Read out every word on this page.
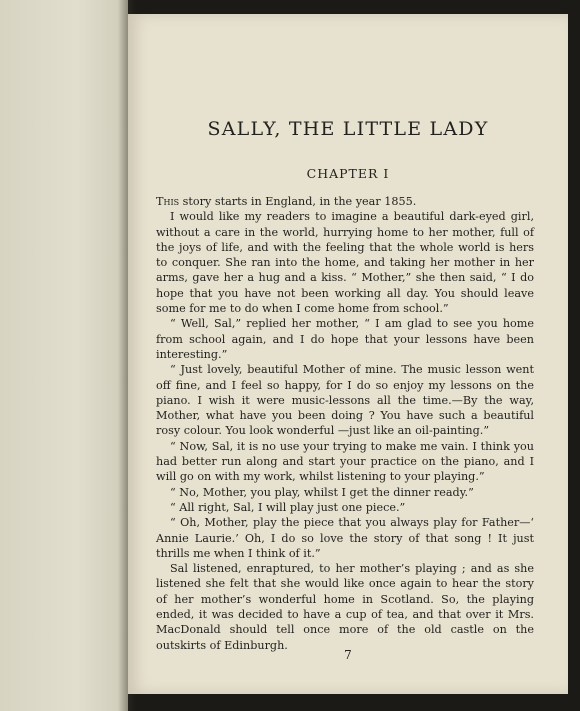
SALLY, THE LITTLE LADY
CHAPTER I

This story starts in England, in the year 1855.

I would like my readers to imagine a beautiful dark-eyed girl, without a care in the world, hurrying home to her mother, full of the joys of life, and with the feeling that the whole world is hers to conquer. She ran into the home, and taking her mother in her arms, gave her a hug and a kiss. “ Mother,” she then said, “ I do hope that you have not been working all day. You should leave some for me to do when I come home from school.”

“ Well, Sal,” replied her mother, “ I am glad to see you home from school again, and I do hope that your lessons have been interesting.”

“ Just lovely, beautiful Mother of mine. The music lesson went off fine, and I feel so happy, for I do so enjoy my lessons on the piano. I wish it were music-lessons all the time.—By the way, Mother, what have you been doing ? You have such a beautiful rosy colour. You look wonderful —just like an oil-painting.”

“ Now, Sal, it is no use your trying to make me vain. I think you had better run along and start your practice on the piano, and I will go on with my work, whilst listening to your playing.”

“ No, Mother, you play, whilst I get the dinner ready.”

“ All right, Sal, I will play just one piece.”

“ Oh, Mother, play the piece that you always play for Father—‘ Annie Laurie.’ Oh, I do so love the story of that song ! It just thrills me when I think of it.”

Sal listened, enraptured, to her mother’s playing ; and as she listened she felt that she would like once again to hear the story of her mother’s wonderful home in Scotland. So, the playing ended, it was decided to have a cup of tea, and that over it Mrs. MacDonald should tell once more of the old castle on the outskirts of Edinburgh.

7
